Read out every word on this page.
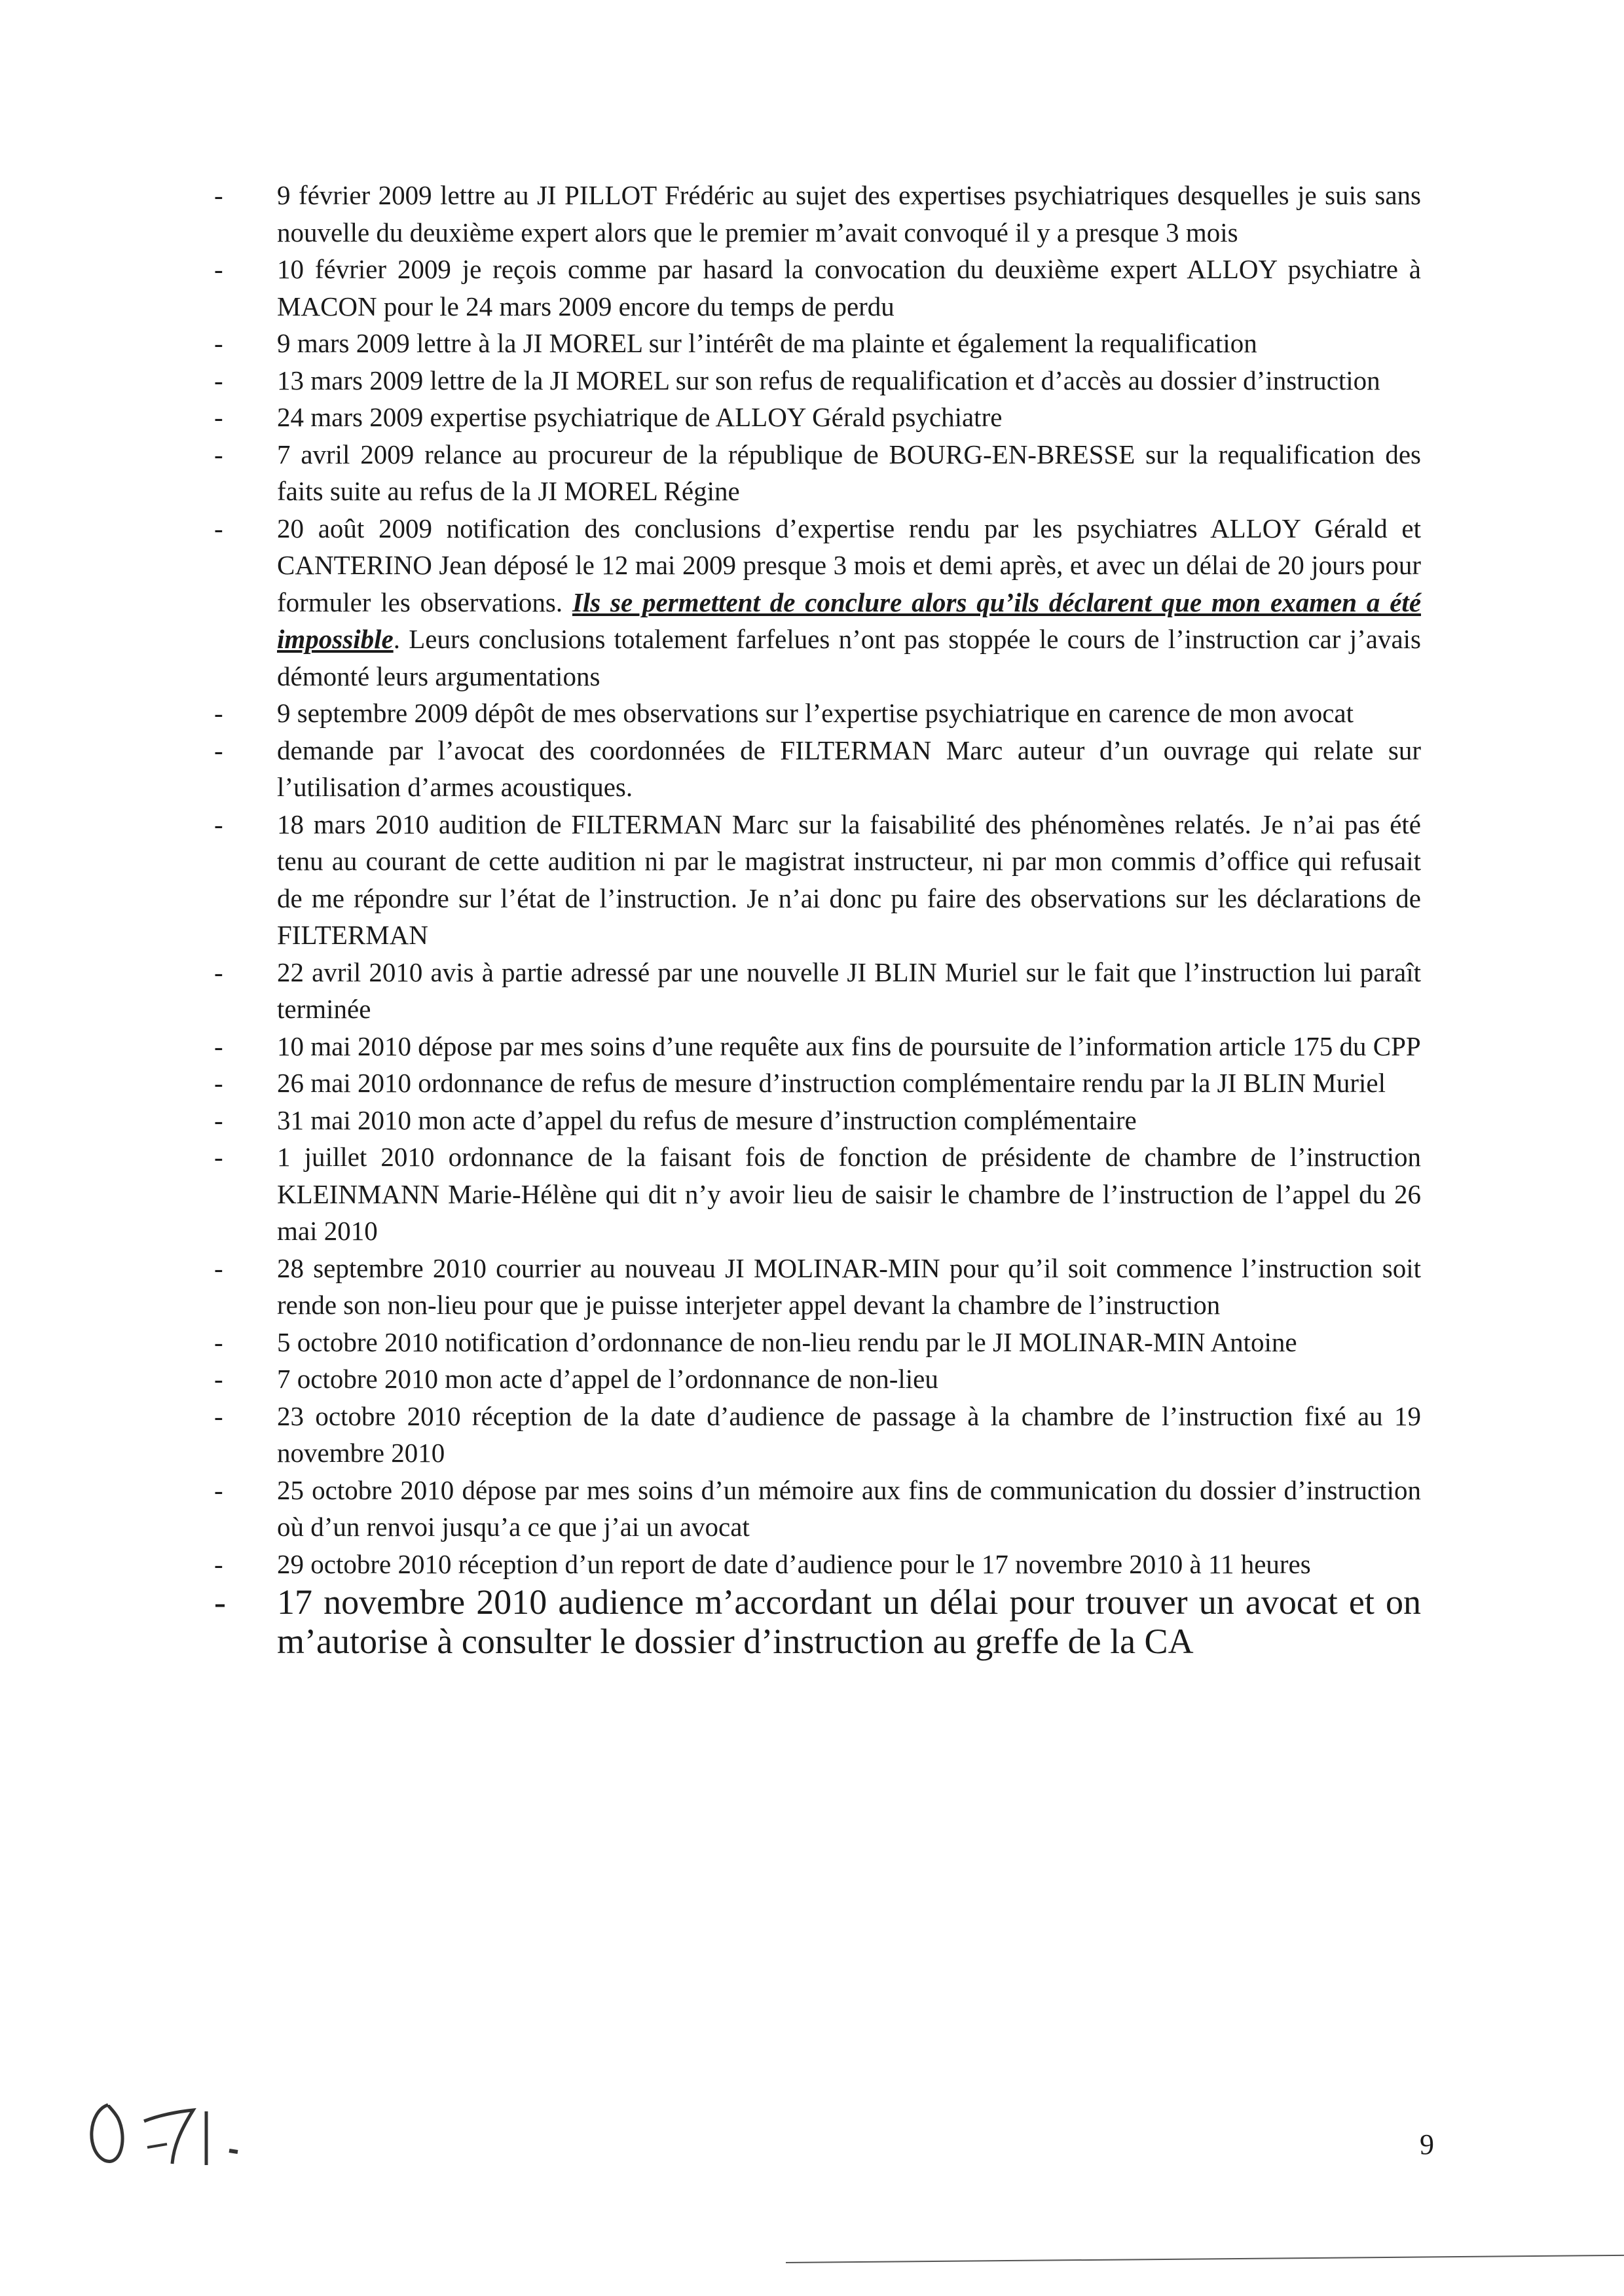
- 9 février 2009 lettre au JI PILLOT Frédéric au sujet des expertises psychiatriques desquelles je suis sans nouvelle du deuxième expert alors que le premier m’avait convoqué il y a presque 3 mois
- 10 février 2009 je reçois comme par hasard la convocation du deuxième expert ALLOY psychiatre à MACON pour le 24 mars 2009 encore du temps de perdu
- 9 mars 2009 lettre à la JI MOREL sur l’intérêt de ma plainte et également la requalification
- 13 mars 2009 lettre de la JI MOREL sur son refus de requalification et d’accès au dossier d’instruction
- 24 mars 2009 expertise psychiatrique de ALLOY Gérald psychiatre
- 7 avril 2009 relance au procureur de la république de BOURG-EN-BRESSE sur la requalification des faits suite au refus de la JI MOREL Régine
- 20 août 2009 notification des conclusions d’expertise rendu par les psychiatres ALLOY Gérald et CANTERINO Jean déposé le 12 mai 2009 presque 3 mois et demi après, et avec un délai de 20 jours pour formuler les observations. Ils se permettent de conclure alors qu’ils déclarent que mon examen a été impossible. Leurs conclusions totalement farfelues n’ont pas stoppée le cours de l’instruction car j’avais démonté leurs argumentations
- 9 septembre 2009 dépôt de mes observations sur l’expertise psychiatrique en carence de mon avocat
- demande par l’avocat des coordonnées de FILTERMAN Marc auteur d’un ouvrage qui relate sur l’utilisation d’armes acoustiques.
- 18 mars 2010 audition de FILTERMAN Marc sur la faisabilité des phénomènes relatés. Je n’ai pas été tenu au courant de cette audition ni par le magistrat instructeur, ni par mon commis d’office qui refusait de me répondre sur l’état de l’instruction. Je n’ai donc pu faire des observations sur les déclarations de FILTERMAN
- 22 avril 2010 avis à partie adressé par une nouvelle JI BLIN Muriel sur le fait que l’instruction lui paraît terminée
- 10 mai 2010 dépose par mes soins d’une requête aux fins de poursuite de l’information article 175 du CPP
- 26 mai 2010 ordonnance de refus de mesure d’instruction complémentaire rendu par la JI BLIN Muriel
- 31 mai 2010 mon acte d’appel du refus de mesure d’instruction complémentaire
- 1 juillet 2010 ordonnance de la faisant fois de fonction de présidente de chambre de l’instruction KLEINMANN Marie-Hélène qui dit n’y avoir lieu de saisir le chambre de l’instruction de l’appel du 26 mai 2010
- 28 septembre 2010 courrier au nouveau JI MOLINAR-MIN pour qu’il soit commence l’instruction soit rende son non-lieu pour que je puisse interjeter appel devant la chambre de l’instruction
- 5 octobre 2010 notification d’ordonnance de non-lieu rendu par le JI MOLINAR-MIN Antoine
- 7 octobre 2010 mon acte d’appel de l’ordonnance de non-lieu
- 23 octobre 2010 réception de la date d’audience de passage à la chambre de l’instruction fixé au 19 novembre 2010
- 25 octobre 2010 dépose par mes soins d’un mémoire aux fins de communication du dossier d’instruction où d’un renvoi jusqu’a ce que j’ai un avocat
- 29 octobre 2010 réception d’un report de date d’audience pour le 17 novembre 2010 à 11 heures
- 17 novembre 2010 audience m’accordant un délai pour trouver un avocat et on m’autorise à consulter le dossier d’instruction au greffe de la CA
9
